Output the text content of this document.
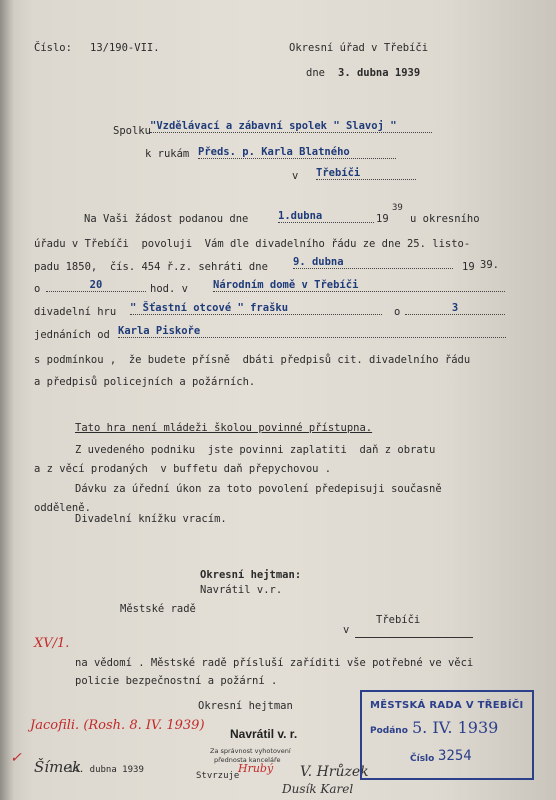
Číslo: 13/190-VII.	Okresní úřad v Třebíči
dne 3. dubna 1939
Spolku "Vzdělávací a zábavní spolek " Slavoj "
k rukám Předs. p. Karla Blatného
v Třebíči
Na Vaši žádost podanou dne	1.dubna	19
39
u okresního
úřadu v Třebíči  povoluji  Vám dle divadelního řádu ze dne 25. listo-
padu 1850,  čís. 454 ř.z. sehráti dne 9. dubna	19 39.
o	20	hod. v Národním domě v Třebíči
divadelní hru " Šťastní otcové " frašku	o	3
jednáních od Karla Piskoře
s podmínkou ,  že budete přísně  dbáti předpisů cit. divadelního řádu
a předpisů policejních a požárních.
Tato hra není mládeži školou povinné přístupna.
Z uvedeného podniku  jste povinni zaplatiti  daň z obratu
a z věcí prodaných  v buffetu daň přepychovou .
Dávku za úřední úkon za toto povolení předepisuji současně
odděleně.
Divadelní knížku vracím.
Okresní hejtman:
Navrátil v.r.
Městské radě
v
Třebíči
XV/1.
na vědomí . Městské radě přísluší zaříditi vše potřebné ve věci
policie bezpečnostní a požární .
Okresní hejtman
Navrátil v. r.
Za správnost vyhotovení
přednosta kanceláře
Jacofili. (Rosh. 8. IV. 1939)
✓ Šímek
14. dubna 1939
Stvrzuje
Hrubý V. Hrůzek
Dusík Karel
MĚSTSKÁ RADA V TŘEBÍČI
Podáno 5. IV. 1939
Číslo 3254
